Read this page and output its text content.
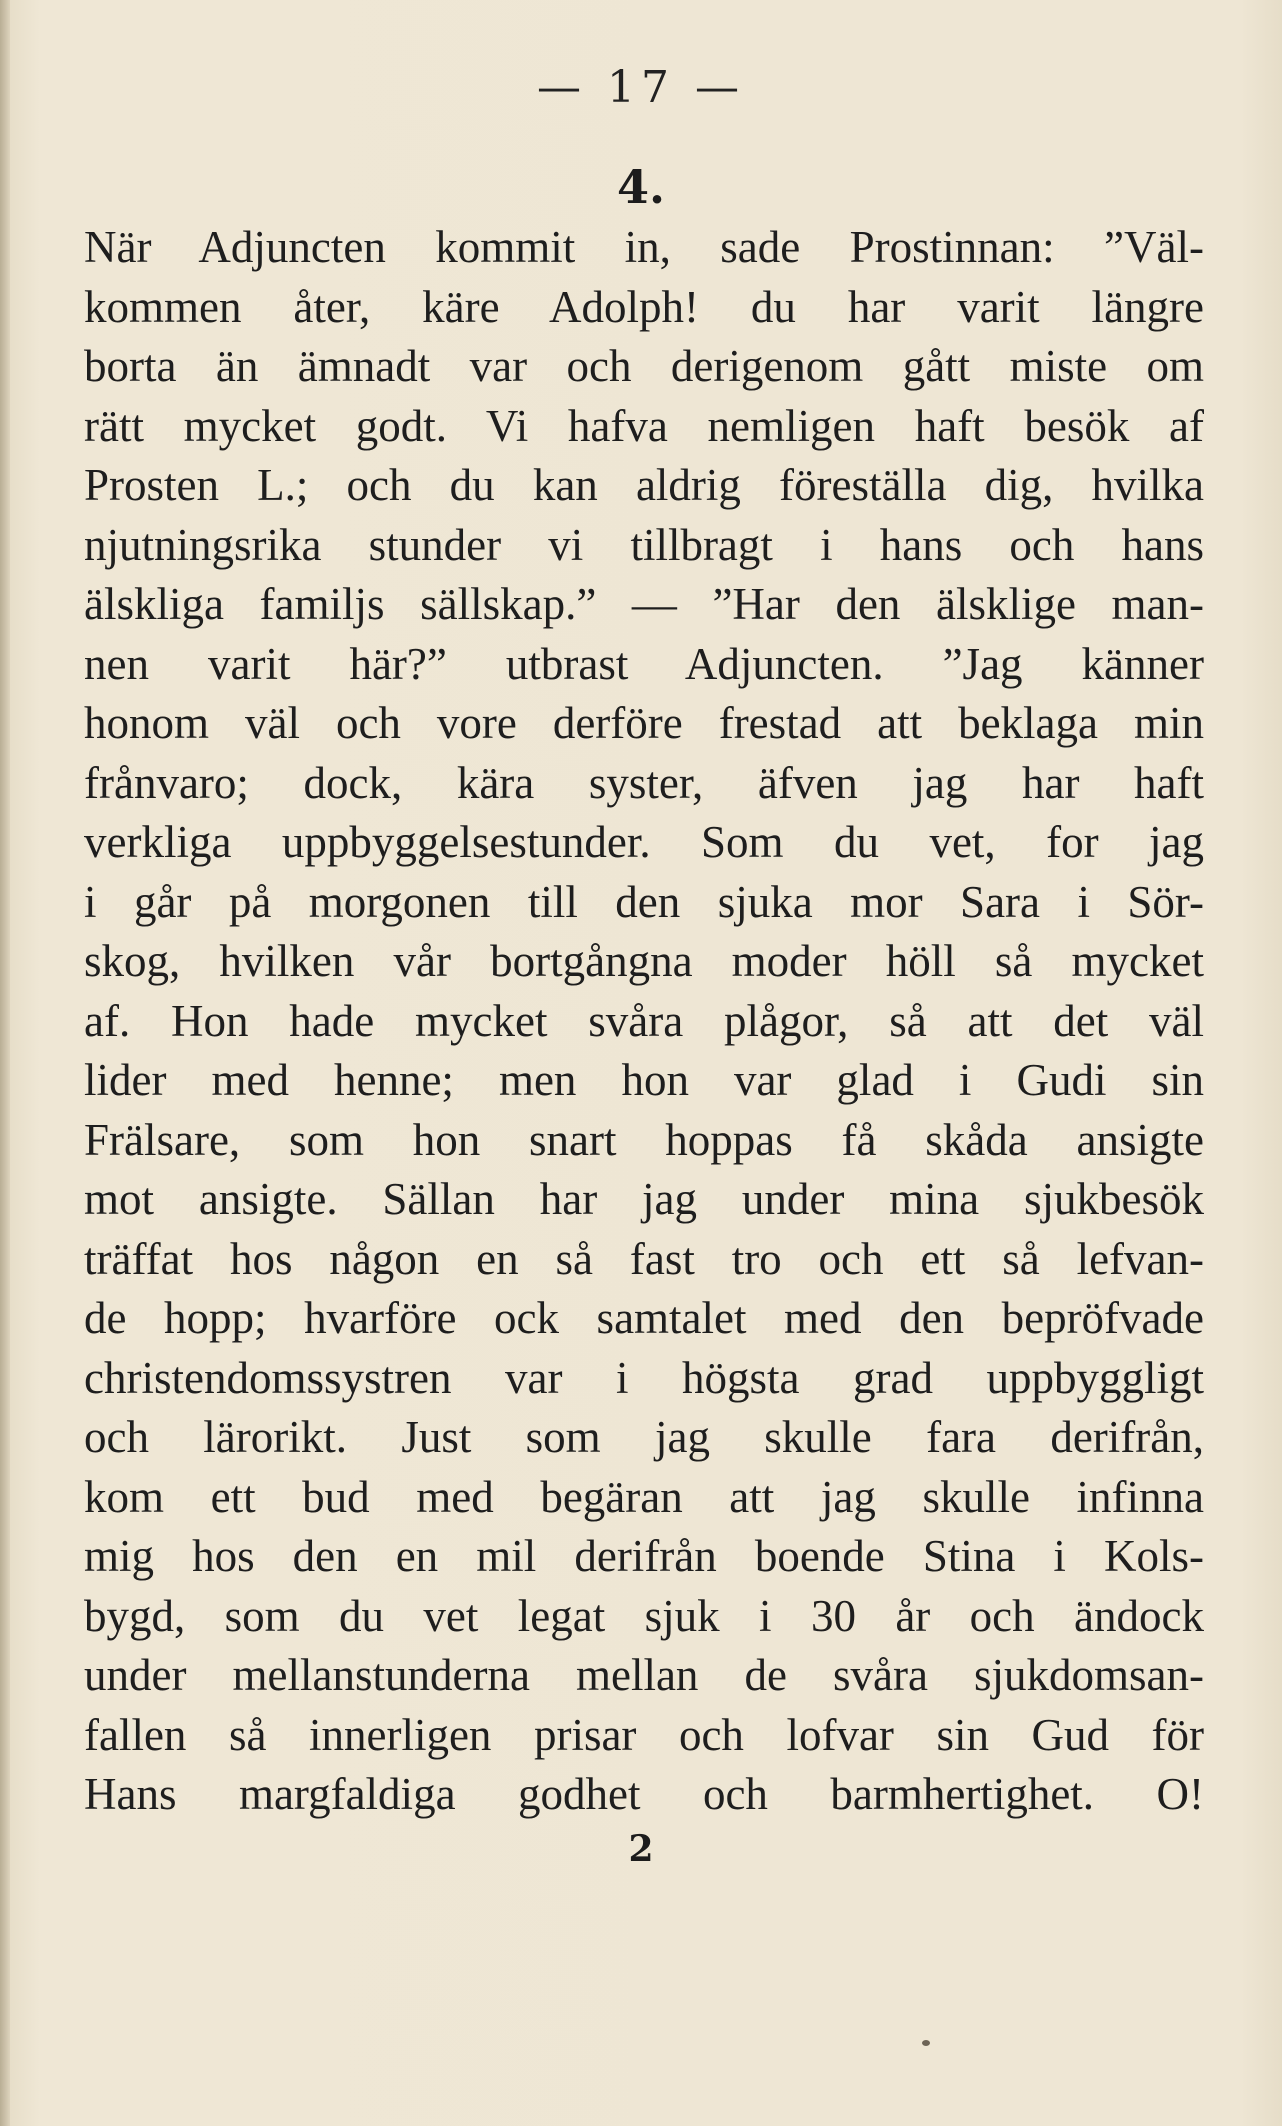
— 17 —
4.
När Adjuncten kommit in, sade Prostinnan: ”Väl-
kommen åter, käre Adolph! du har varit längre
borta än ämnadt var och derigenom gått miste om
rätt mycket godt. Vi hafva nemligen haft besök af
Prosten L.; och du kan aldrig föreställa dig, hvilka
njutningsrika stunder vi tillbragt i hans och hans
älskliga familjs sällskap.” — ”Har den älsklige man-
nen varit här?” utbrast Adjuncten. ”Jag känner
honom väl och vore derföre frestad att beklaga min
frånvaro; dock, kära syster, äfven jag har haft
verkliga uppbyggelsestunder. Som du vet, for jag
i går på morgonen till den sjuka mor Sara i Sör-
skog, hvilken vår bortgångna moder höll så mycket
af. Hon hade mycket svåra plågor, så att det väl
lider med henne; men hon var glad i Gudi sin
Frälsare, som hon snart hoppas få skåda ansigte
mot ansigte. Sällan har jag under mina sjukbesök
träffat hos någon en så fast tro och ett så lefvan-
de hopp; hvarföre ock samtalet med den bepröfvade
christendomssystren var i högsta grad uppbyggligt
och lärorikt. Just som jag skulle fara derifrån,
kom ett bud med begäran att jag skulle infinna
mig hos den en mil derifrån boende Stina i Kols-
bygd, som du vet legat sjuk i 30 år och ändock
under mellanstunderna mellan de svåra sjukdomsan-
fallen så innerligen prisar och lofvar sin Gud för
Hans margfaldiga godhet och barmhertighet. O!
2
